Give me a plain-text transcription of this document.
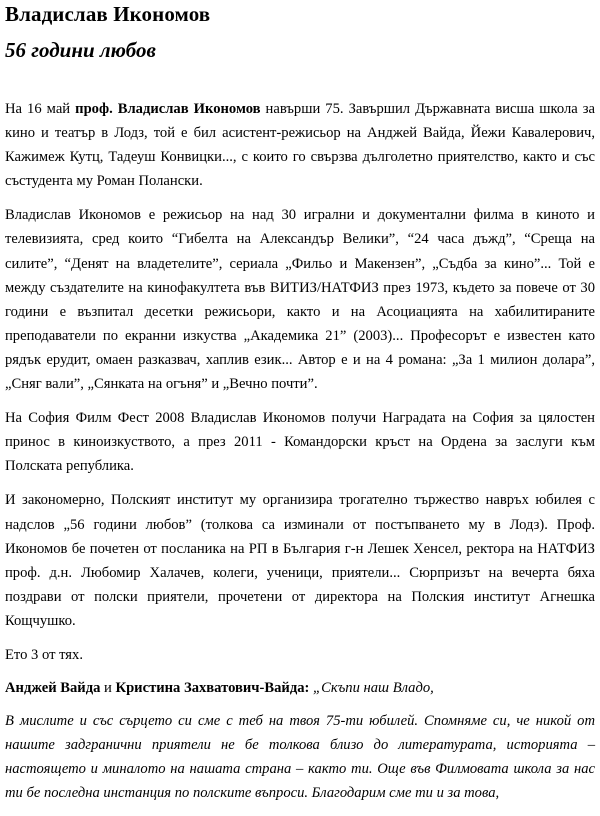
Владислав Икономов
56 години любов

На 16 май проф. Владислав Икономов навърши 75. Завършил Държавната висша школа за кино и театър в Лодз, той е бил асистент-режисьор на Анджей Вайда, Йежи Кавалерович, Кажимеж Кутц, Тадеуш Конвицки..., с които го свързва дълголетно приятелство, както и със състудента му Роман Полански.

Владислав Икономов е режисьор на над 30 игрални и документални филма в киното и телевизията, сред които “Гибелта на Александър Велики”, “24 часа дъжд”, “Среща на силите”, “Денят на владетелите”, сериала „Фильо и Макензен”, „Съдба за кино”... Той е между създателите на кинофакултета във ВИТИЗ/НАТФИЗ през 1973, където за повече от 30 години е възпитал десетки режисьори, както и на Асоциацията на хабилитираните преподаватели по екранни изкуства „Академика 21” (2003)... Професорът е известен като рядък ерудит, омаен разказвач, хаплив език... Автор е и на 4 романа: „За 1 милион долара”, „Сняг вали”, „Сянката на огъня” и „Вечно почти”.

На София Филм Фест 2008 Владислав Икономов получи Наградата на София за цялостен принос в киноизкуството, а през 2011 - Командорски кръст на Ордена за заслуги към Полската република.

И закономерно, Полският институт му организира трогателно тържество навръх юбилея с надслов „56 години любов” (толкова са изминали от постъпването му в Лодз). Проф. Икономов бе почетен от посланика на РП в България г-н Лешек Хенсел, ректора на НАТФИЗ проф. д.н. Любомир Халачев, колеги, ученици, приятели... Сюрпризът на вечерта бяха поздрави от полски приятели, прочетени от директора на Полския институт Агнешка Кощчушко.

Ето 3 от тях.

Анджей Вайда и Кристина Захватович-Вайда: „Скъпи наш Владо,

В мислите и със сърцето си сме с теб на твоя 75-ти юбилей. Спомняме си, че никой от нашите задгранични приятели не бе толкова близо до литературата, историята – настоящето и миналото на нашата страна – както ти. Още във Филмовата школа за нас ти бе последна инстанция по полските въпроси. Благодарим сме ти и за това,
